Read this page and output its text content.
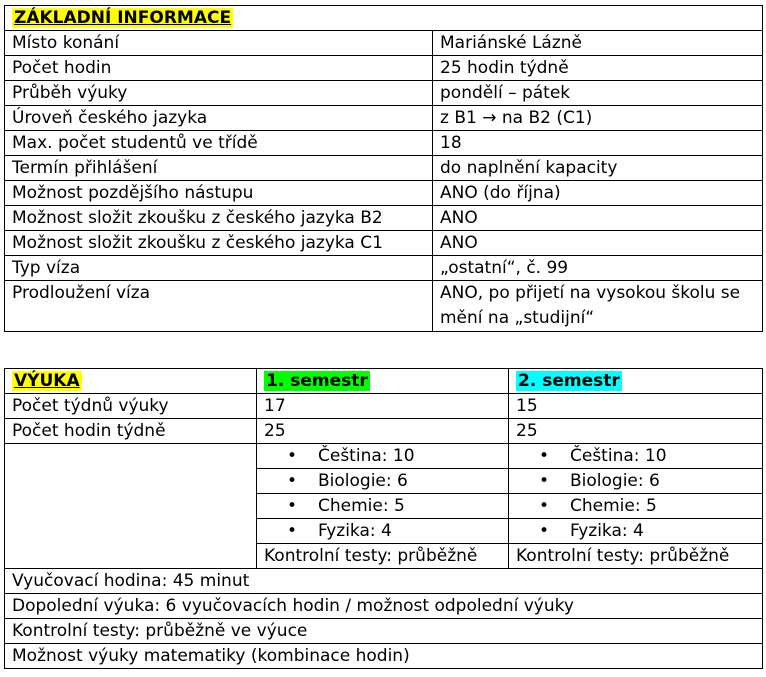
ZÁKLADNÍ INFORMACE	
Místo konání	Mariánské Lázně
Počet hodin	25 hodin týdně
Průběh výuky	pondělí – pátek
Úroveň českého jazyka	z B1 → na B2 (C1)
Max. počet studentů ve třídě	18
Termín přihlášení	do naplnění kapacity
Možnost pozdějšího nástupu	ANO (do října)
Možnost složit zkoušku z českého jazyka B2	ANO
Možnost složit zkoušku z českého jazyka C1	ANO
Typ víza	„ostatní“, č. 99
Prodloužení víza	ANO, po přijetí na vysokou školu se mění na „studijní“
VÝUKA	1. semestr	2. semestr
Počet týdnů výuky	17	15
Počet hodin týdně	25	25
	• Čeština: 10	• Čeština: 10
	• Biologie: 6	• Biologie: 6
	• Chemie: 5	• Chemie: 5
	• Fyzika: 4	• Fyzika: 4
	Kontrolní testy: průběžně	Kontrolní testy: průběžně
Vyučovací hodina: 45 minut		
Dopolední výuka: 6 vyučovacích hodin / možnost odpolední výuky		
Kontrolní testy: průběžně ve výuce		
Možnost výuky matematiky (kombinace hodin)		
